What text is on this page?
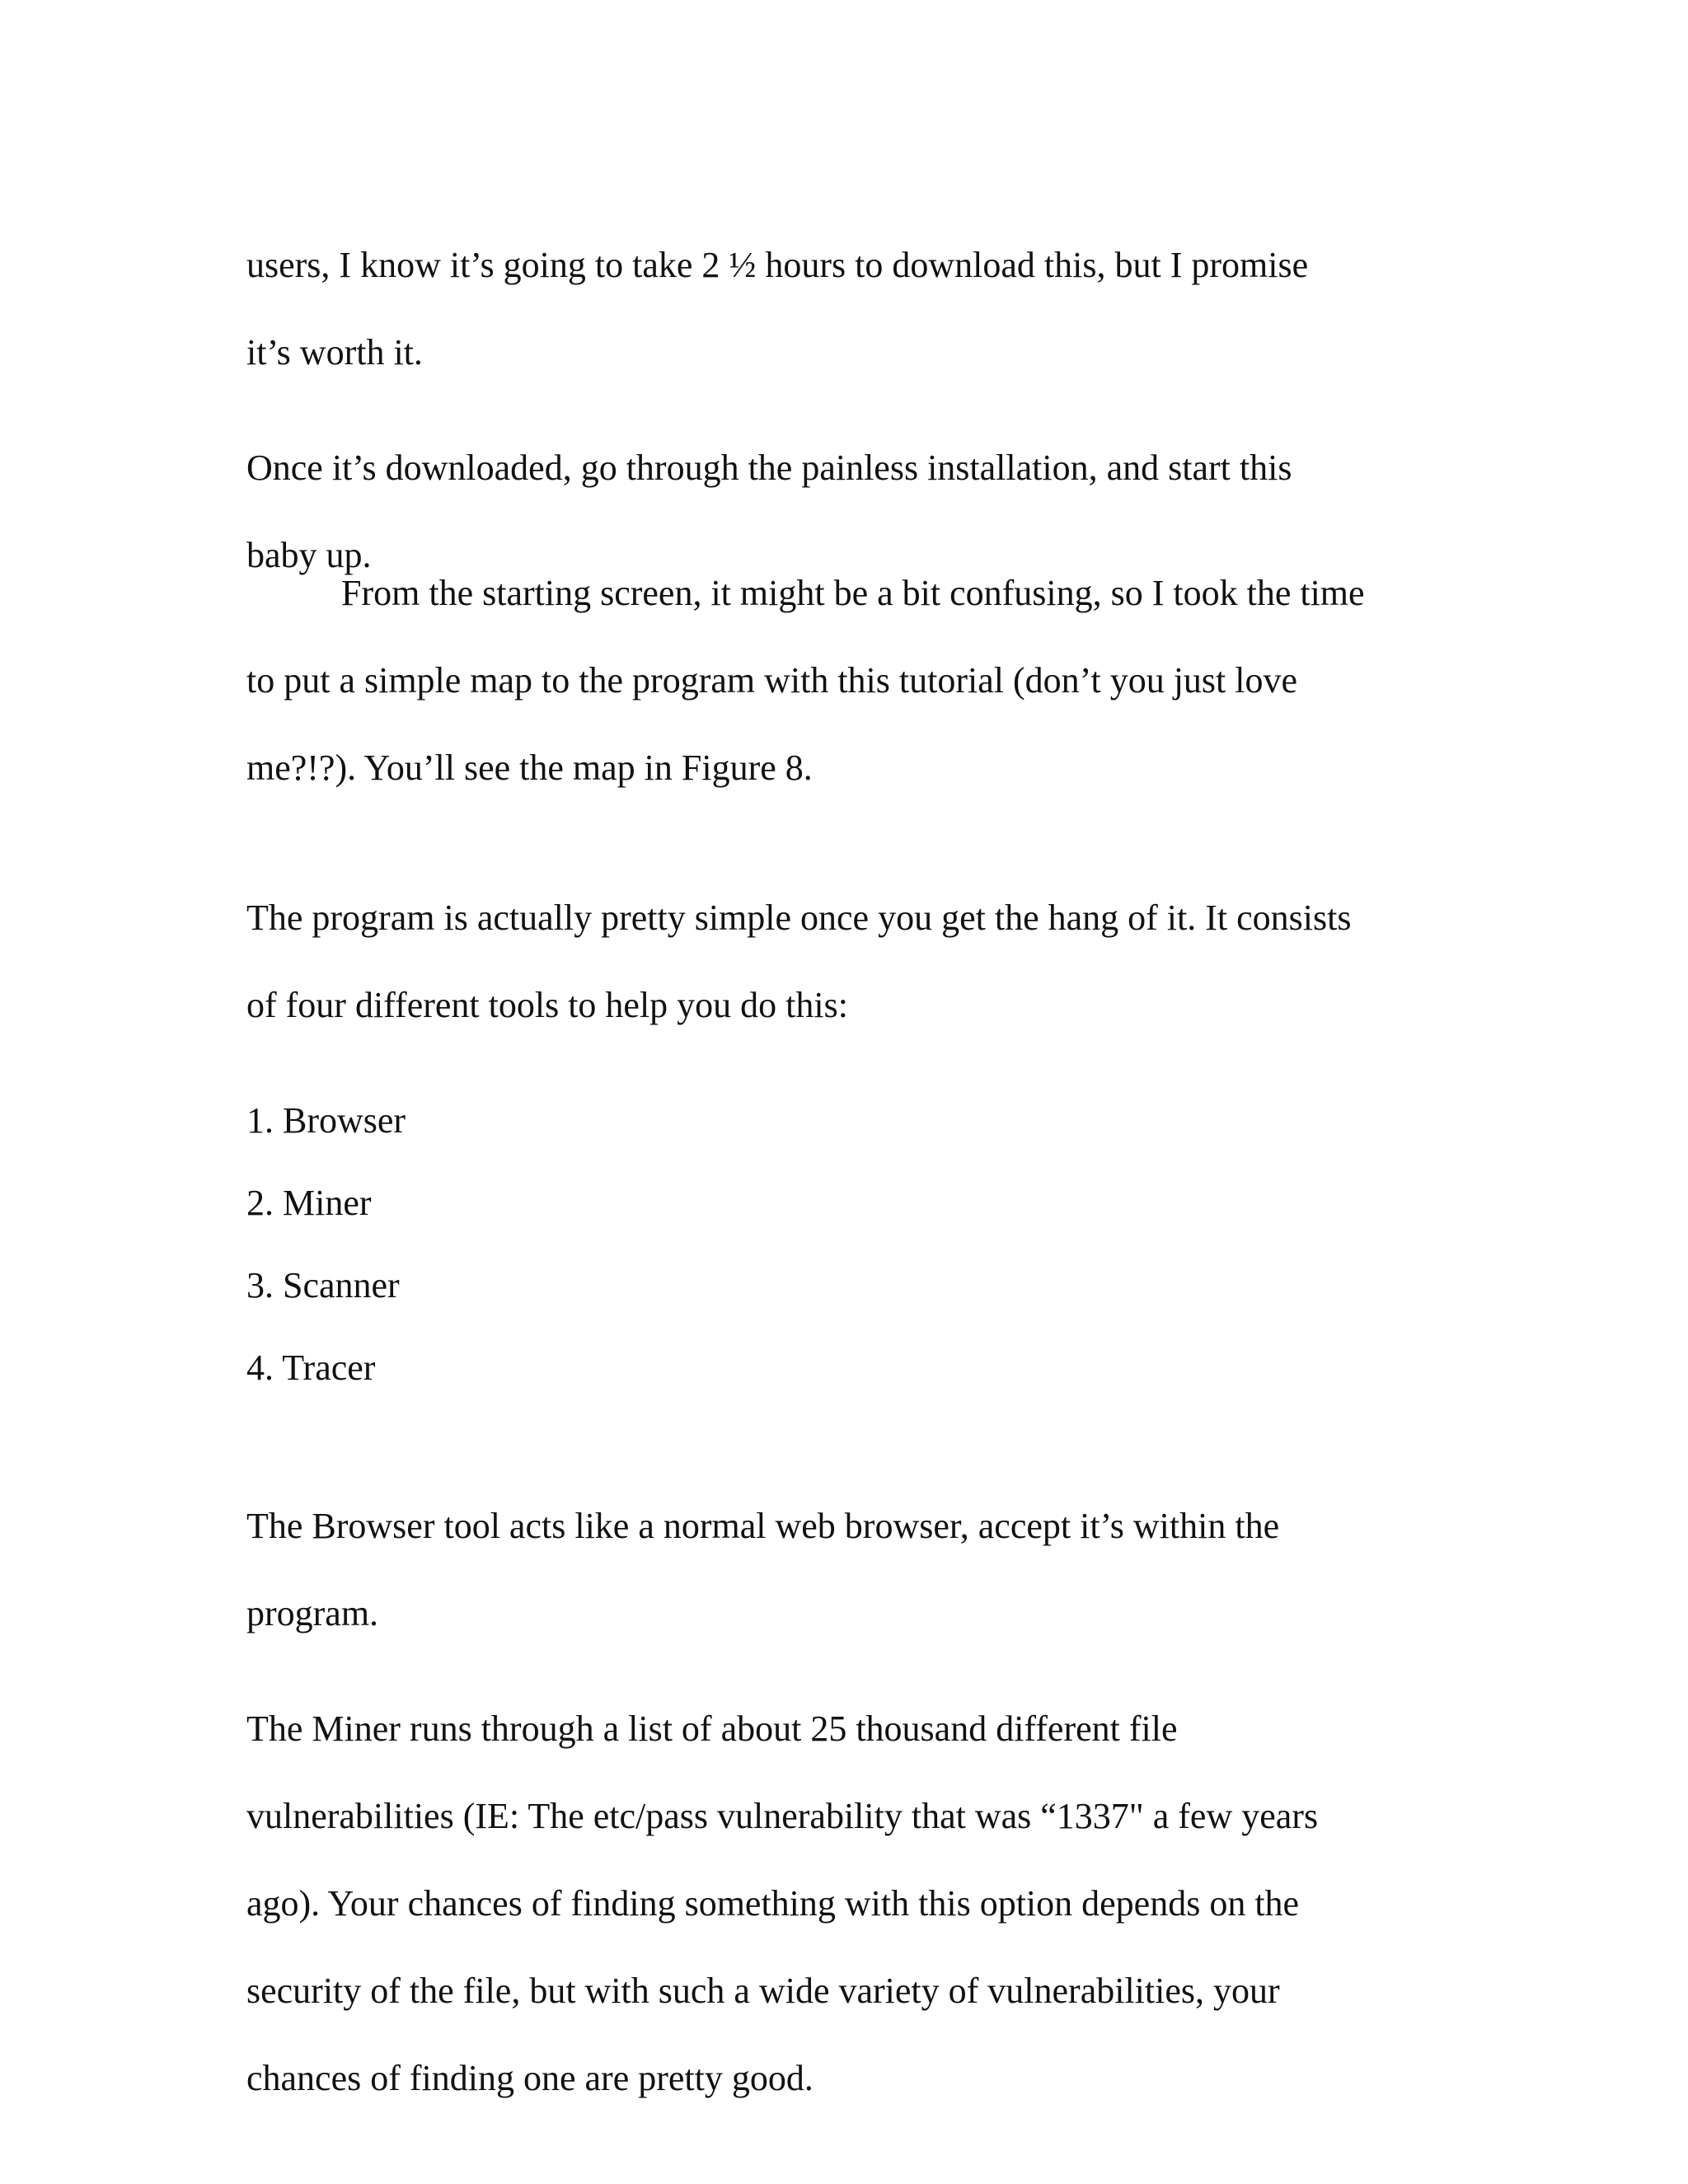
users, I know it’s going to take 2 ½ hours to download this, but I promise

it’s worth it.

Once it’s downloaded, go through the painless installation, and start this

baby up.

From the starting screen, it might be a bit confusing, so I took the time

to put a simple map to the program with this tutorial (don’t you just love

me?!?). You’ll see the map in Figure 8.

The program is actually pretty simple once you get the hang of it. It consists

of four different tools to help you do this:

1. Browser

2. Miner

3. Scanner

4. Tracer

The Browser tool acts like a normal web browser, accept it’s within the

program.

The Miner runs through a list of about 25 thousand different file

vulnerabilities (IE: The etc/pass vulnerability that was “1337" a few years

ago). Your chances of finding something with this option depends on the

security of the file, but with such a wide variety of vulnerabilities, your

chances of finding one are pretty good.
